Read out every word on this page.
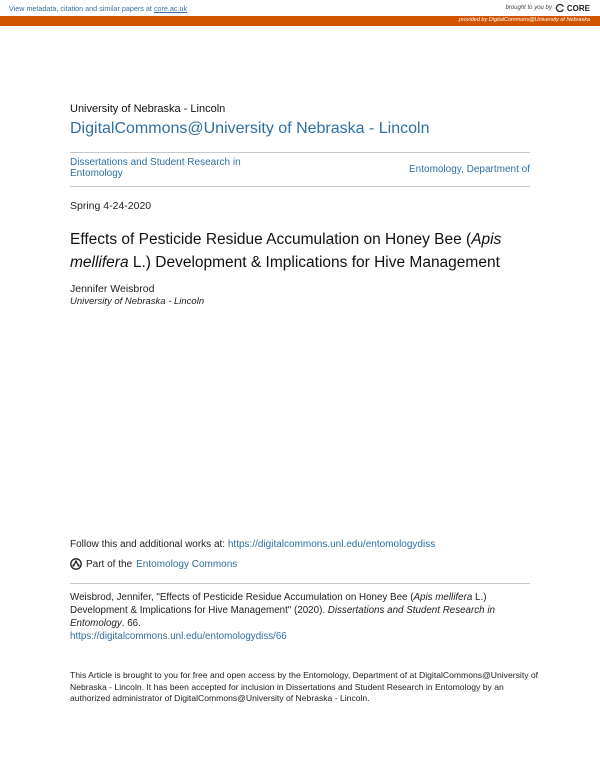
View metadata, citation and similar papers at core.ac.uk	brought to you by CORE
provided by DigitalCommons@University of Nebraska
University of Nebraska - Lincoln
DigitalCommons@University of Nebraska - Lincoln
Dissertations and Student Research in Entomology	Entomology, Department of
Spring 4-24-2020
Effects of Pesticide Residue Accumulation on Honey Bee (Apis mellifera L.) Development & Implications for Hive Management
Jennifer Weisbrod
University of Nebraska - Lincoln
Follow this and additional works at: https://digitalcommons.unl.edu/entomologydiss
Part of the Entomology Commons
Weisbrod, Jennifer, "Effects of Pesticide Residue Accumulation on Honey Bee (Apis mellifera L.) Development & Implications for Hive Management" (2020). Dissertations and Student Research in Entomology. 66.
https://digitalcommons.unl.edu/entomologydiss/66
This Article is brought to you for free and open access by the Entomology, Department of at DigitalCommons@University of Nebraska - Lincoln. It has been accepted for inclusion in Dissertations and Student Research in Entomology by an authorized administrator of DigitalCommons@University of Nebraska - Lincoln.
